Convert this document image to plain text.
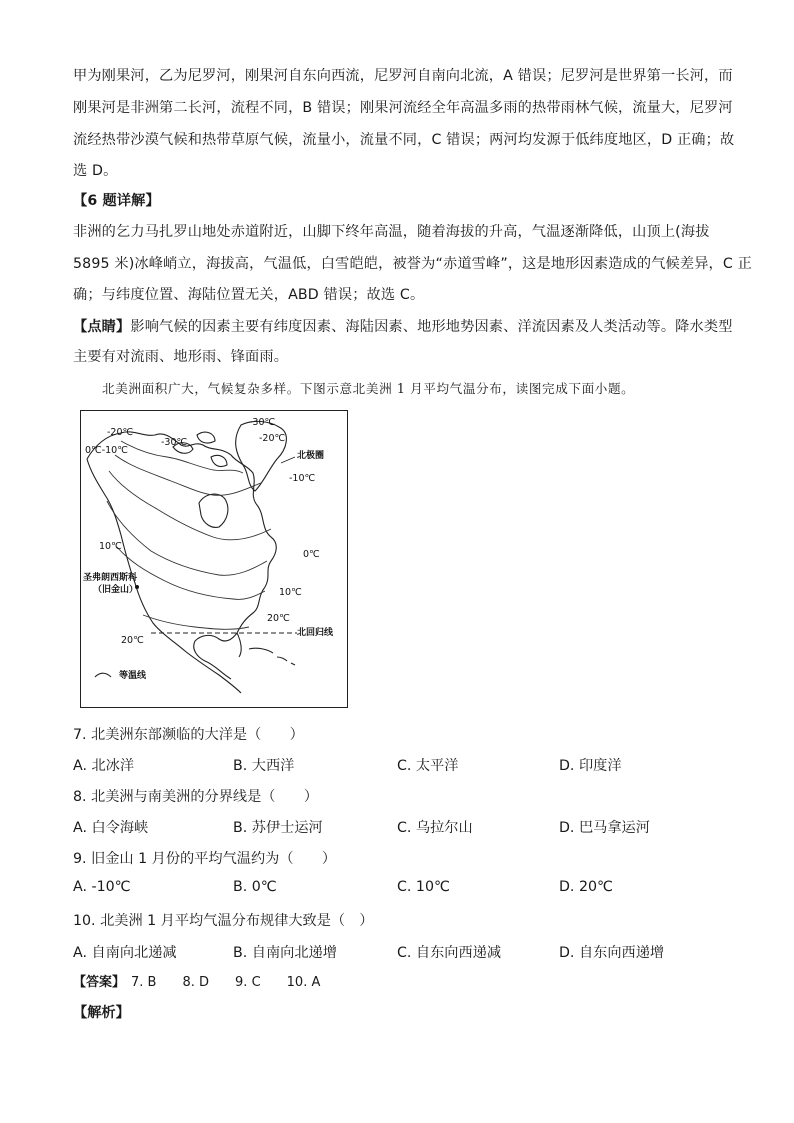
甲为刚果河，乙为尼罗河，刚果河自东向西流，尼罗河自南向北流，A 错误；尼罗河是世界第一长河，而
刚果河是非洲第二长河，流程不同，B 错误；刚果河流经全年高温多雨的热带雨林气候，流量大，尼罗河
流经热带沙漠气候和热带草原气候，流量小，流量不同，C 错误；两河均发源于低纬度地区，D 正确；故
选 D。
【6 题详解】
非洲的乞力马扎罗山地处赤道附近，山脚下终年高温，随着海拔的升高，气温逐渐降低，山顶上(海拔
5895 米)冰峰峭立，海拔高，气温低，白雪皑皑，被誉为“赤道雪峰”，这是地形因素造成的气候差异，C 正
确；与纬度位置、海陆位置无关，ABD 错误；故选 C。
【点睛】影响气候的因素主要有纬度因素、海陆因素、地形地势因素、洋流因素及人类活动等。降水类型
主要有对流雨、地形雨、锋面雨。
北美洲面积广大，气候复杂多样。下图示意北美洲 1 月平均气温分布，读图完成下面小题。
-30℃
-20℃
-30℃	-20℃
0℃-10℃	北极圈
-10℃
10℃
0℃
圣弗朗西斯科
（旧金山）	10℃
20℃
北回归线
20℃
等温线
7. 北美洲东部濒临的大洋是（　　）
A. 北冰洋	B. 大西洋	C. 太平洋	D. 印度洋
8. 北美洲与南美洲的分界线是（　　）
A. 白令海峡	B. 苏伊士运河	C. 乌拉尔山	D. 巴马拿运河
9. 旧金山 1 月份的平均气温约为（　　）
A. -10℃	B. 0℃	C. 10℃	D. 20℃
10. 北美洲 1 月平均气温分布规律大致是（　）
A. 自南向北递减	B. 自南向北递增	C. 自东向西递减	D. 自东向西递增
【答案】 7. B 8. D 9. C 10. A
【解析】
